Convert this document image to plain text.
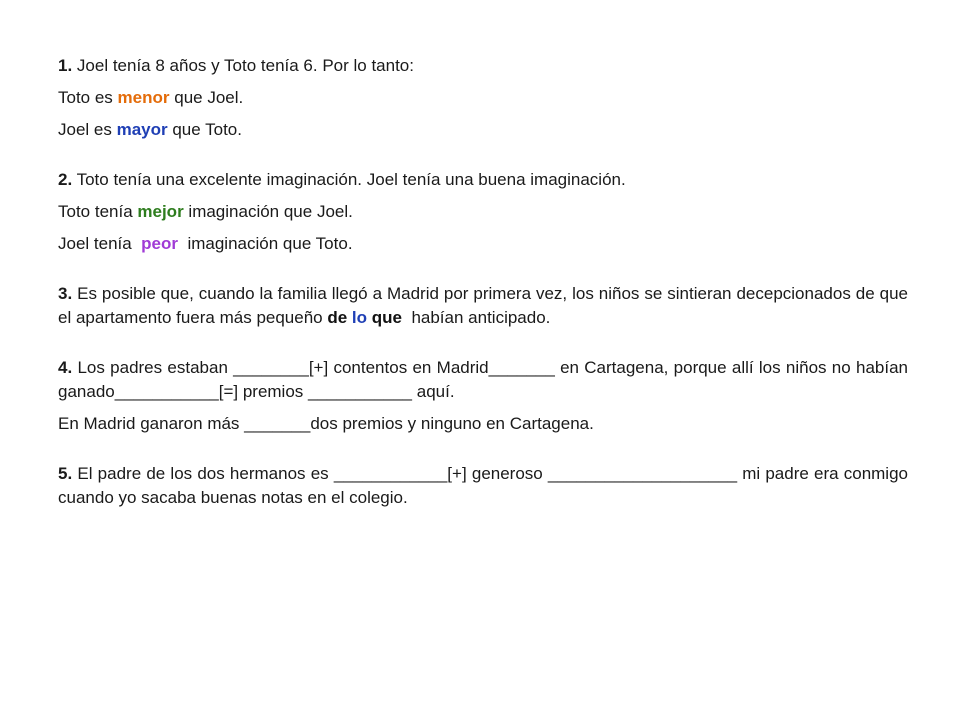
1. Joel tenía 8 años y Toto tenía 6. Por lo tanto:

Toto es menor que Joel.

Joel es mayor que Toto.

2. Toto tenía una excelente imaginación. Joel tenía una buena imaginación.

Toto tenía mejor imaginación que Joel.

Joel tenía  peor  imaginación que Toto.

3. Es posible que, cuando la familia llegó a Madrid por primera vez, los niños se sintieran decepcionados de que el apartamento fuera más pequeño de lo que  habían anticipado.

4. Los padres estaban ________[+] contentos en Madrid_______ en Cartagena, porque allí los niños no habían ganado___________[=] premios ___________ aquí.

En Madrid ganaron más _______dos premios y ninguno en Cartagena.

5. El padre de los dos hermanos es ____________[+] generoso ____________________ mi padre era conmigo cuando yo sacaba buenas notas en el colegio.
